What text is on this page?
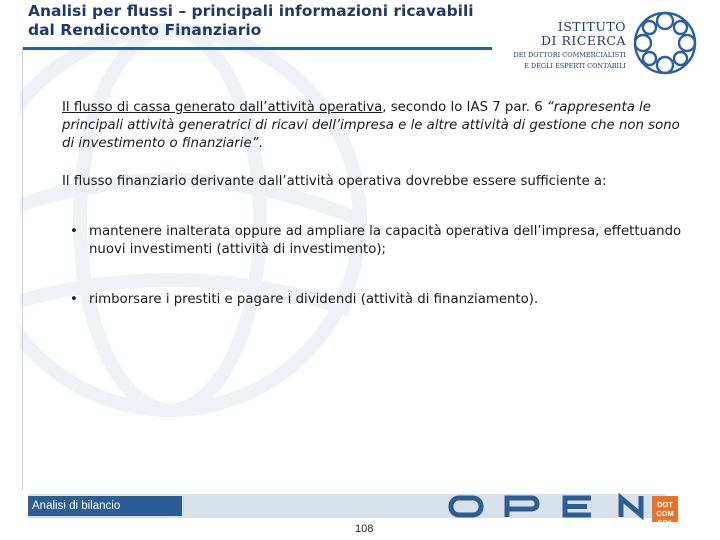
Analisi per flussi – principali informazioni ricavabili dal Rendiconto Finanziario	ISTITUTO
DI RICERCA
DEI DOTTORI COMMERCIALISTI
E DEGLI ESPERTI CONTABILI

Il flusso di cassa generato dall’attività operativa, secondo lo IAS 7 par. 6 “rappresenta le principali attività generatrici di ricavi dell’impresa e le altre attività di gestione che non sono di investimento o finanziarie”.

Il flusso finanziario derivante dall’attività operativa dovrebbe essere sufficiente a:

• mantenere inalterata oppure ad ampliare la capacità operativa dell’impresa, effettuando nuovi investimenti (attività di investimento);
• rimborsare i prestiti e pagare i dividendi (attività di finanziamento).
Analisi di bilancio	DOT COM
SPA
108
